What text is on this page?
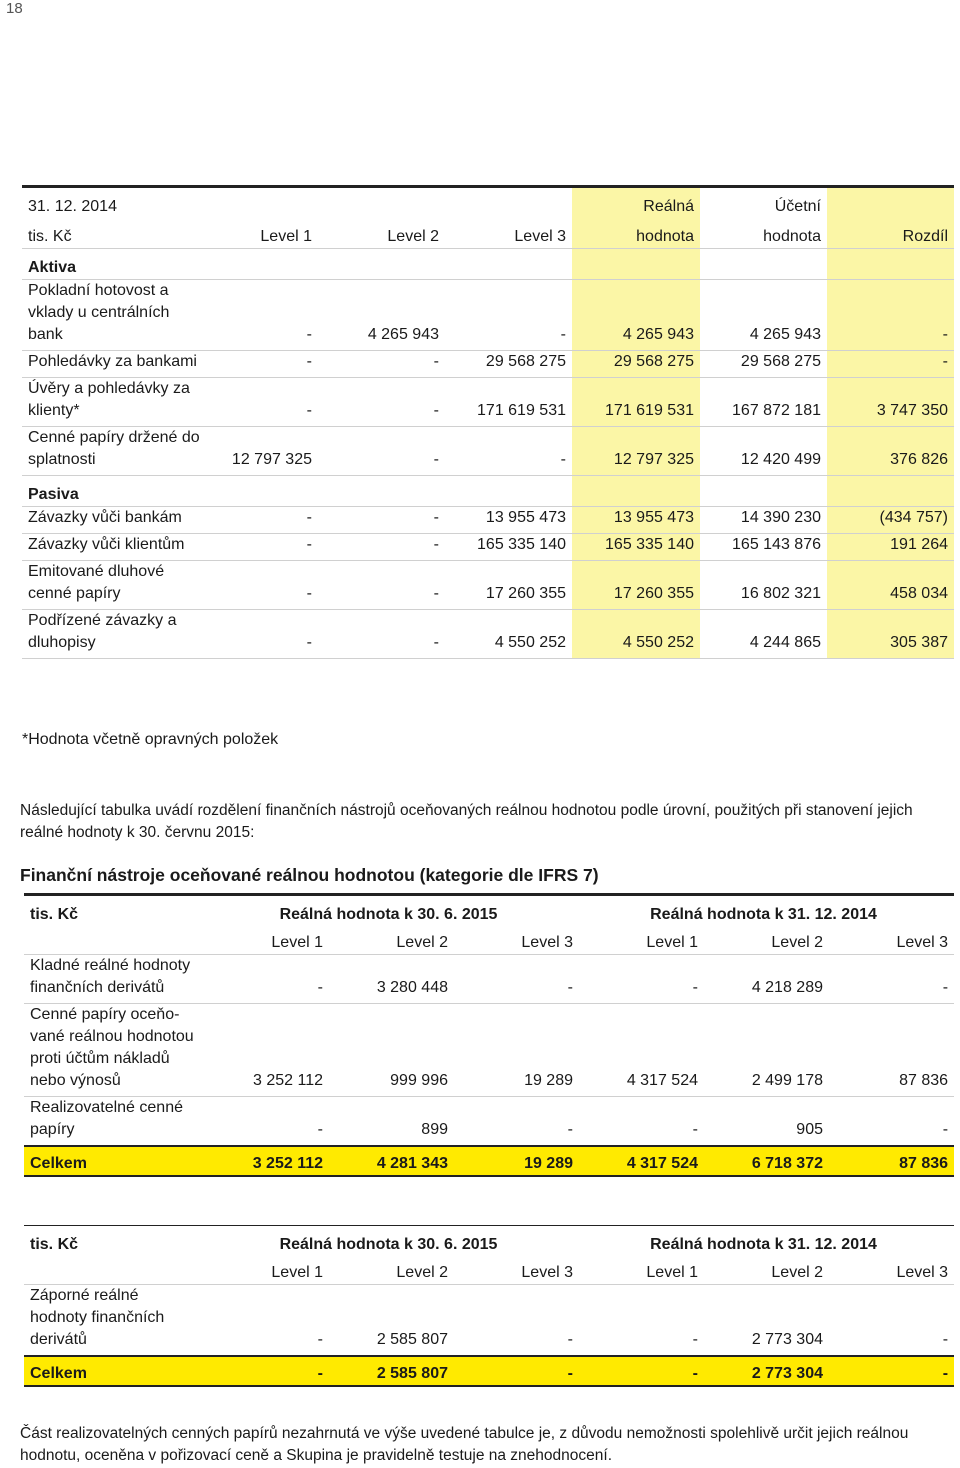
18
31. 12. 2014				Reálná	Účetní	
tis. Kč	Level 1	Level 2	Level 3	hodnota	hodnota	Rozdíl
Aktiva						
Pokladní hotovost a vklady u centrálních bank	-	4 265 943	-	4 265 943	4 265 943	-
Pohledávky za bankami	-	-	29 568 275	29 568 275	29 568 275	-
Úvěry a pohledávky za klienty*	-	-	171 619 531	171 619 531	167 872 181	3 747 350
Cenné papíry držené do splatnosti	12 797 325	-	-	12 797 325	12 420 499	376 826
Pasiva						
Závazky vůči bankám	-	-	13 955 473	13 955 473	14 390 230	(434 757)
Závazky vůči klientům	-	-	165 335 140	165 335 140	165 143 876	191 264
Emitované dluhové cenné papíry	-	-	17 260 355	17 260 355	16 802 321	458 034
Podřízené závazky a dluhopisy	-	-	4 550 252	4 550 252	4 244 865	305 387
*Hodnota včetně opravných položek
Následující tabulka uvádí rozdělení finančních nástrojů oceňovaných reálnou hodnotou podle úrovní, použitých při stanovení jejich reálné hodnoty k 30. červnu 2015:
Finanční nástroje oceňované reálnou hodnotou (kategorie dle IFRS 7)
tis. Kč	Reálná hodnota k 30. 6. 2015			Reálná hodnota k 31. 12. 2014		
	Level 1	Level 2	Level 3	Level 1	Level 2	Level 3
Kladné reálné hodnoty finančních derivátů	-	3 280 448	-	-	4 218 289	-
Cenné papíry oceňo-vané reálnou hodnotou proti účtům nákladů nebo výnosů	3 252 112	999 996	19 289	4 317 524	2 499 178	87 836
Realizovatelné cenné papíry	-	899	-	-	905	-
Celkem	3 252 112	4 281 343	19 289	4 317 524	6 718 372	87 836
tis. Kč	Reálná hodnota k 30. 6. 2015			Reálná hodnota k 31. 12. 2014		
	Level 1	Level 2	Level 3	Level 1	Level 2	Level 3
Záporné reálné hodnoty finančních derivátů	-	2 585 807	-	-	2 773 304	-
Celkem	-	2 585 807	-	-	2 773 304	-
Část realizovatelných cenných papírů nezahrnutá ve výše uvedené tabulce je, z důvodu nemožnosti spolehlivě určit jejich reálnou hodnotu, oceněna v pořizovací ceně a Skupina je pravidelně testuje na znehodnocení.
